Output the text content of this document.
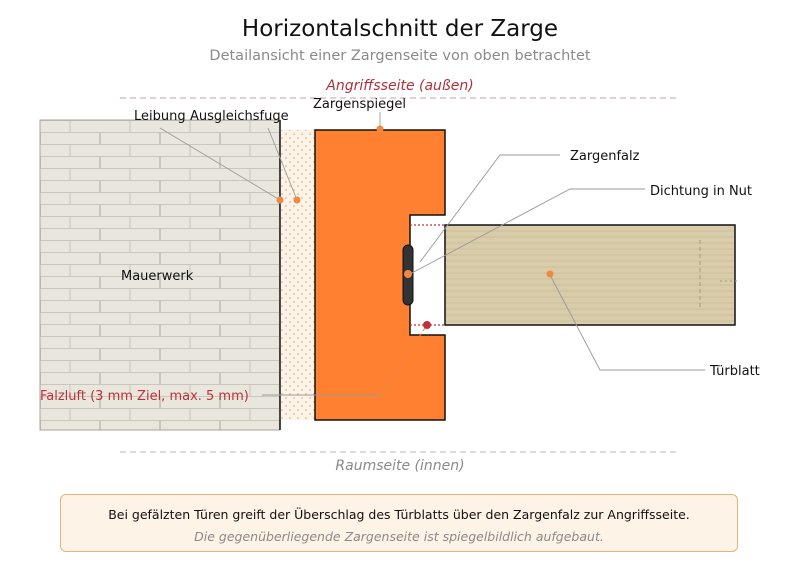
Horizontalschnitt der Zarge
Detailansicht einer Zargenseite von oben betrachtet
Angriffsseite (außen)
Raumseite (innen)
Leibung Ausgleichsfuge
Zargenspiegel
Zargenfalz
Dichtung in Nut
Mauerwerk
Türblatt
Falzluft (3 mm Ziel, max. 5 mm)
Bei gefälzten Türen greift der Überschlag des Türblatts über den Zargenfalz zur Angriffsseite.
Die gegenüberliegende Zargenseite ist spiegelbildlich aufgebaut.
